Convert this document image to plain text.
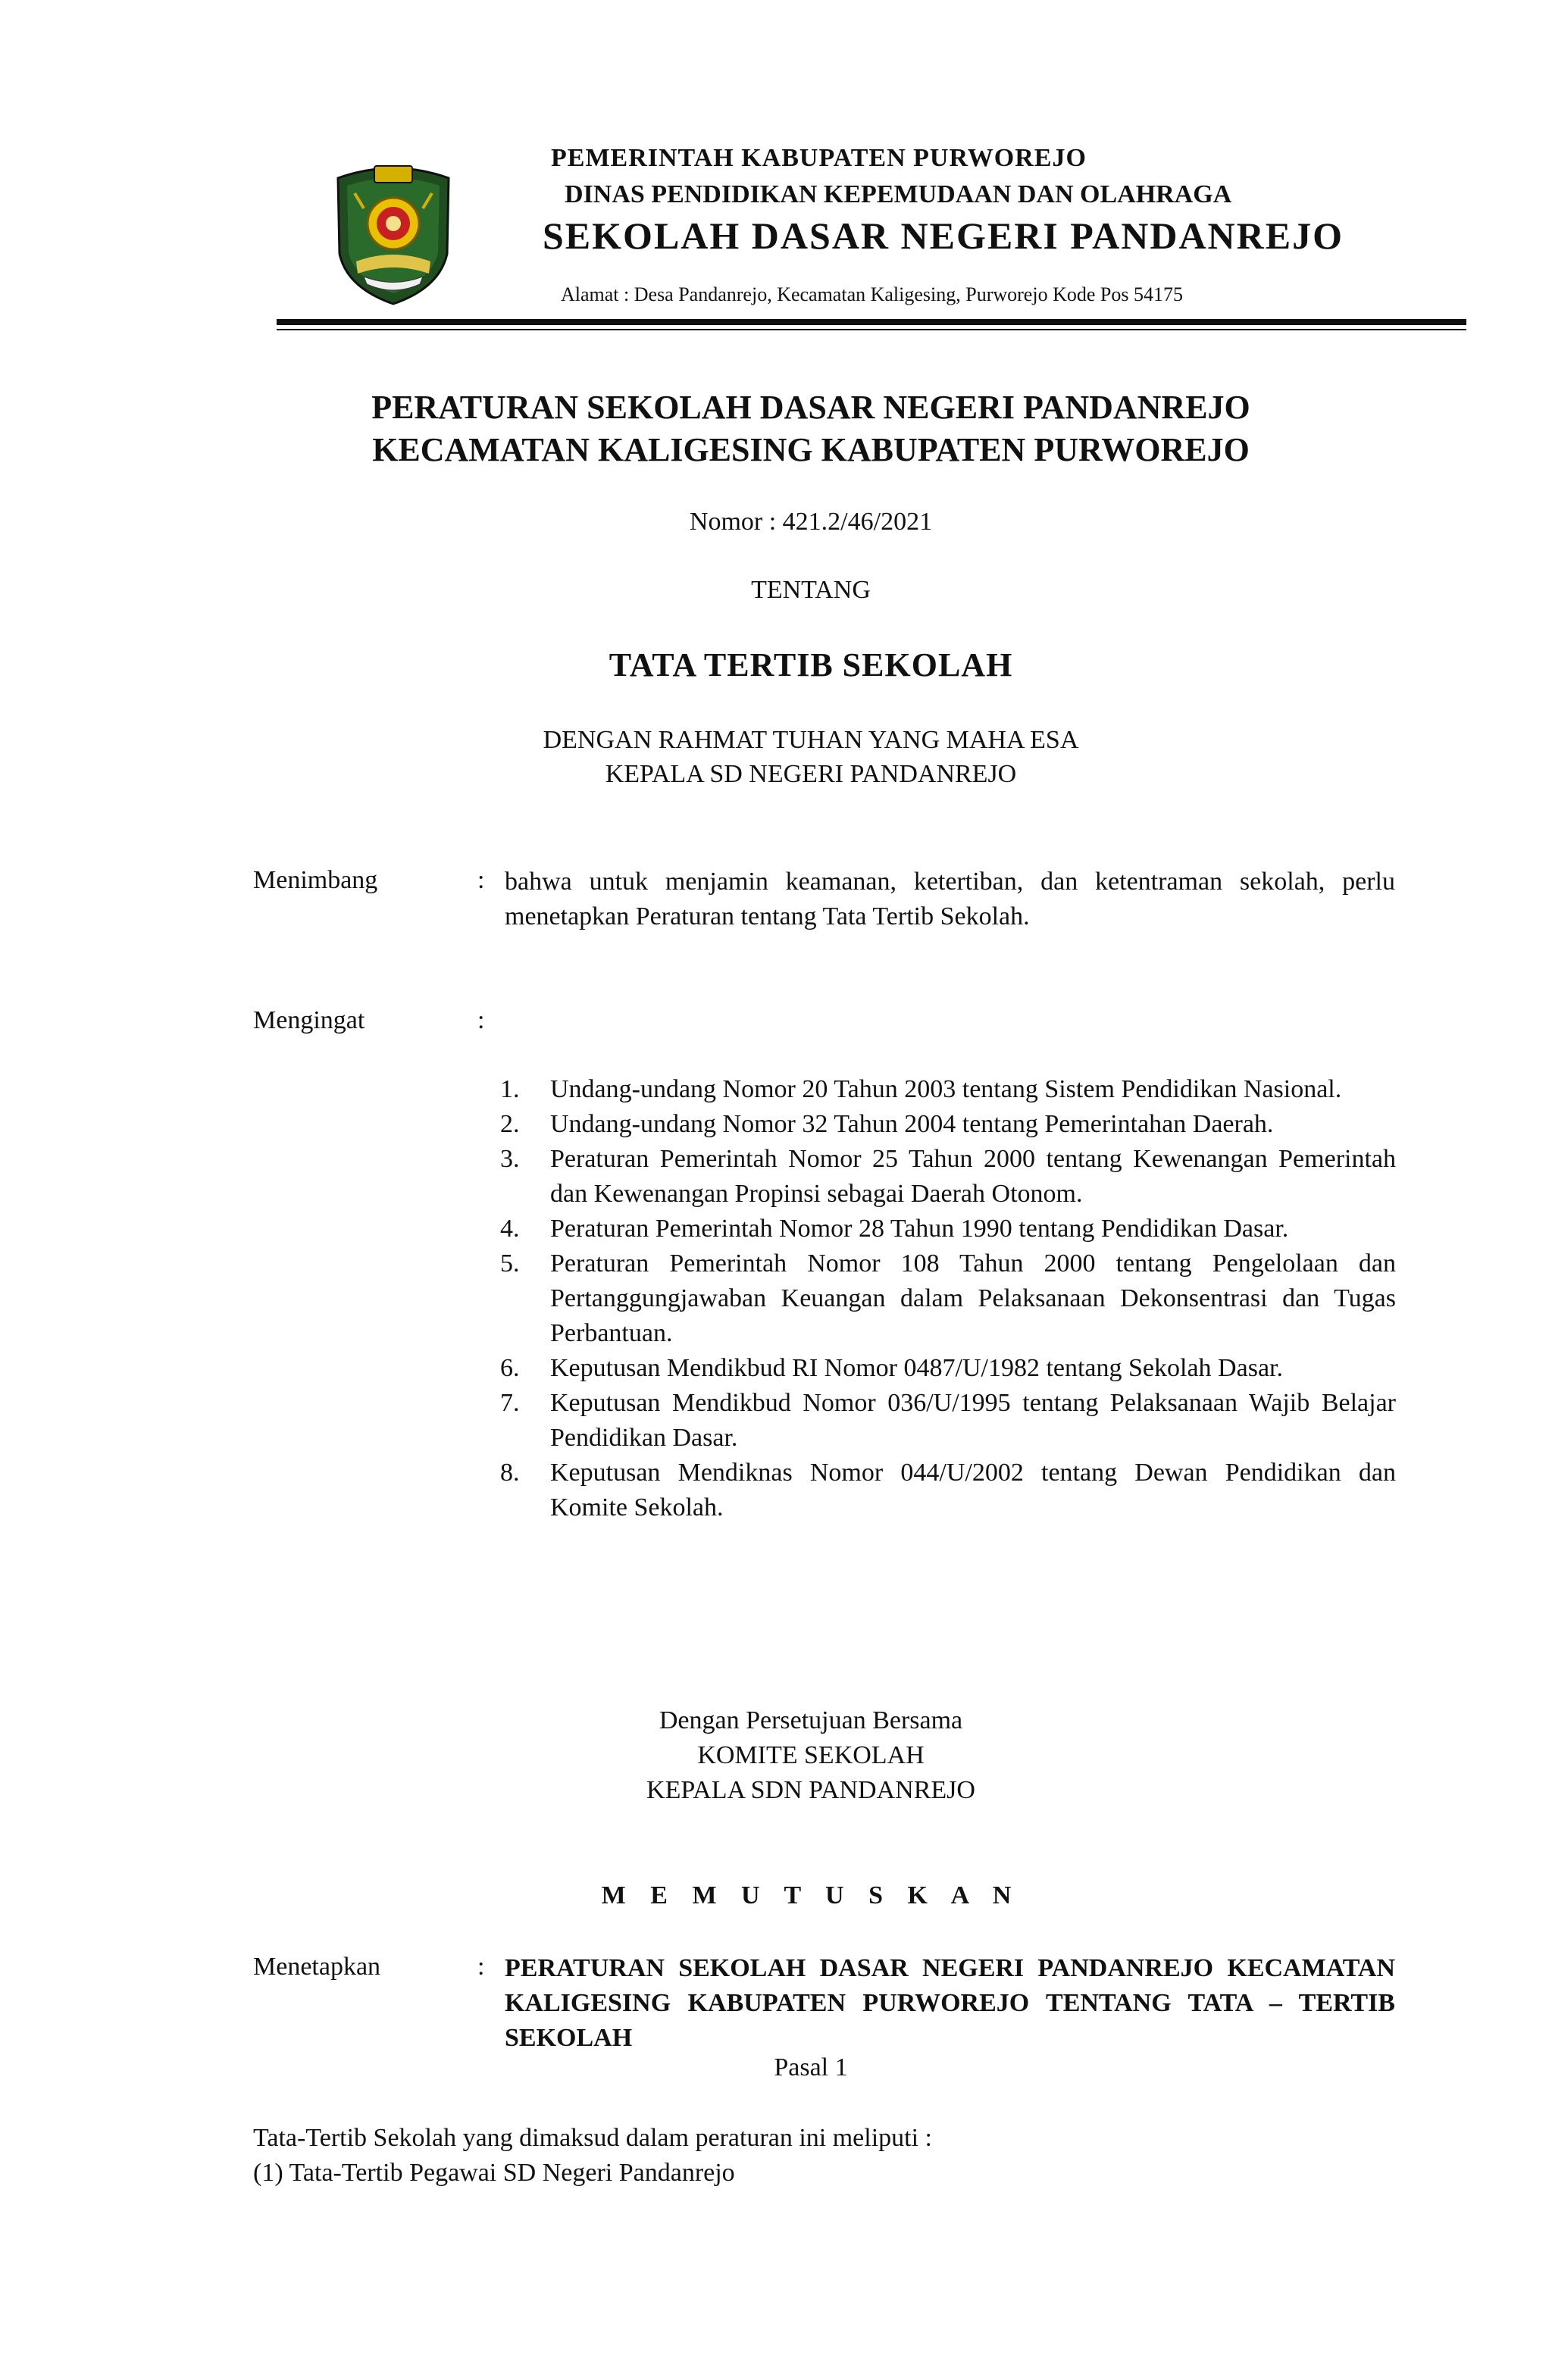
PEMERINTAH KABUPATEN PURWOREJO
DINAS PENDIDIKAN KEPEMUDAAN DAN OLAHRAGA
SEKOLAH DASAR NEGERI PANDANREJO
Alamat : Desa Pandanrejo, Kecamatan Kaligesing, Purworejo Kode Pos 54175
PERATURAN SEKOLAH DASAR NEGERI PANDANREJO
KECAMATAN KALIGESING KABUPATEN PURWOREJO
Nomor : 421.2/46/2021
TENTANG
TATA TERTIB SEKOLAH
DENGAN RAHMAT TUHAN YANG MAHA ESA
KEPALA SD NEGERI PANDANREJO
Menimbang	: bahwa untuk menjamin keamanan, ketertiban, dan ketentraman sekolah, perlu menetapkan Peraturan tentang Tata Tertib Sekolah.
Mengingat	:
1. Undang-undang Nomor 20 Tahun 2003 tentang Sistem Pendidikan Nasional.
2. Undang-undang Nomor 32 Tahun 2004 tentang Pemerintahan Daerah.
3. Peraturan Pemerintah Nomor 25 Tahun 2000 tentang Kewenangan Pemerintah dan Kewenangan Propinsi sebagai Daerah Otonom.
4. Peraturan Pemerintah Nomor 28 Tahun 1990 tentang Pendidikan Dasar.
5. Peraturan Pemerintah Nomor 108 Tahun 2000 tentang Pengelolaan dan Pertanggungjawaban Keuangan dalam Pelaksanaan Dekonsentrasi dan Tugas Perbantuan.
6. Keputusan Mendikbud RI Nomor 0487/U/1982 tentang Sekolah Dasar.
7. Keputusan Mendikbud Nomor 036/U/1995 tentang Pelaksanaan Wajib Belajar Pendidikan Dasar.
8. Keputusan Mendiknas Nomor 044/U/2002 tentang Dewan Pendidikan dan Komite Sekolah.
Dengan Persetujuan Bersama
KOMITE SEKOLAH
KEPALA SDN PANDANREJO
M E M U T U S K A N
Menetapkan	: PERATURAN SEKOLAH DASAR NEGERI PANDANREJO KECAMATAN KALIGESING KABUPATEN PURWOREJO TENTANG TATA – TERTIB SEKOLAH
Pasal 1
Tata-Tertib Sekolah yang dimaksud dalam peraturan ini meliputi :
(1) Tata-Tertib Pegawai SD Negeri Pandanrejo
